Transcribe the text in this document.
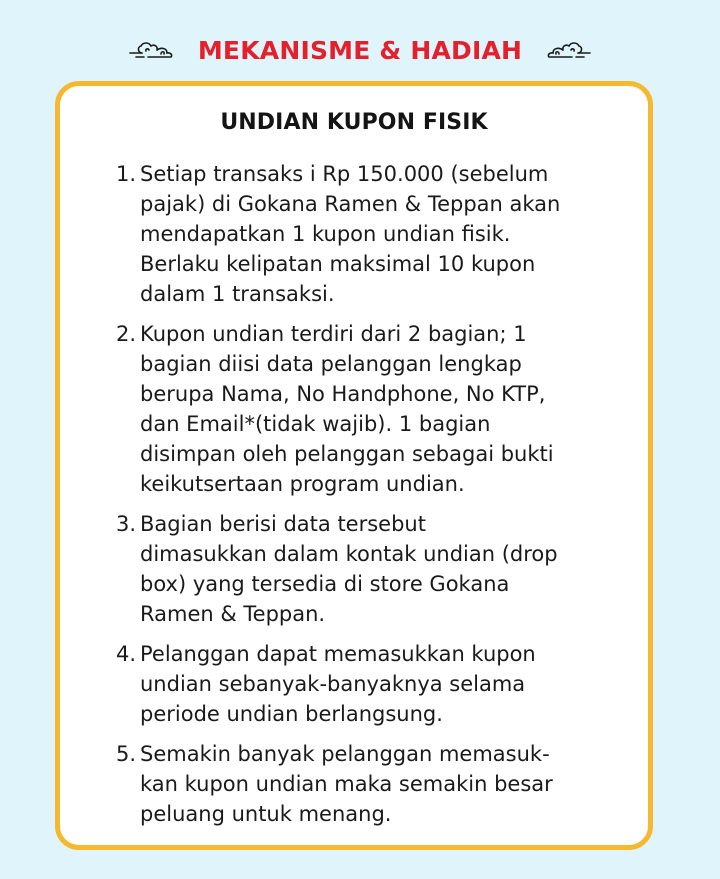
MEKANISME & HADIAH
UNDIAN KUPON FISIK
1. Setiap transaks i Rp 150.000 (sebelum
pajak) di Gokana Ramen & Teppan akan
mendapatkan 1 kupon undian fisik.
Berlaku kelipatan maksimal 10 kupon
dalam 1 transaksi.
2. Kupon undian terdiri dari 2 bagian; 1
bagian diisi data pelanggan lengkap
berupa Nama, No Handphone, No KTP,
dan Email*(tidak wajib). 1 bagian
disimpan oleh pelanggan sebagai bukti
keikutsertaan program undian.
3. Bagian berisi data tersebut
dimasukkan dalam kontak undian (drop
box) yang tersedia di store Gokana
Ramen & Teppan.
4. Pelanggan dapat memasukkan kupon
undian sebanyak-banyaknya selama
periode undian berlangsung.
5. Semakin banyak pelanggan memasuk-
kan kupon undian maka semakin besar
peluang untuk menang.
